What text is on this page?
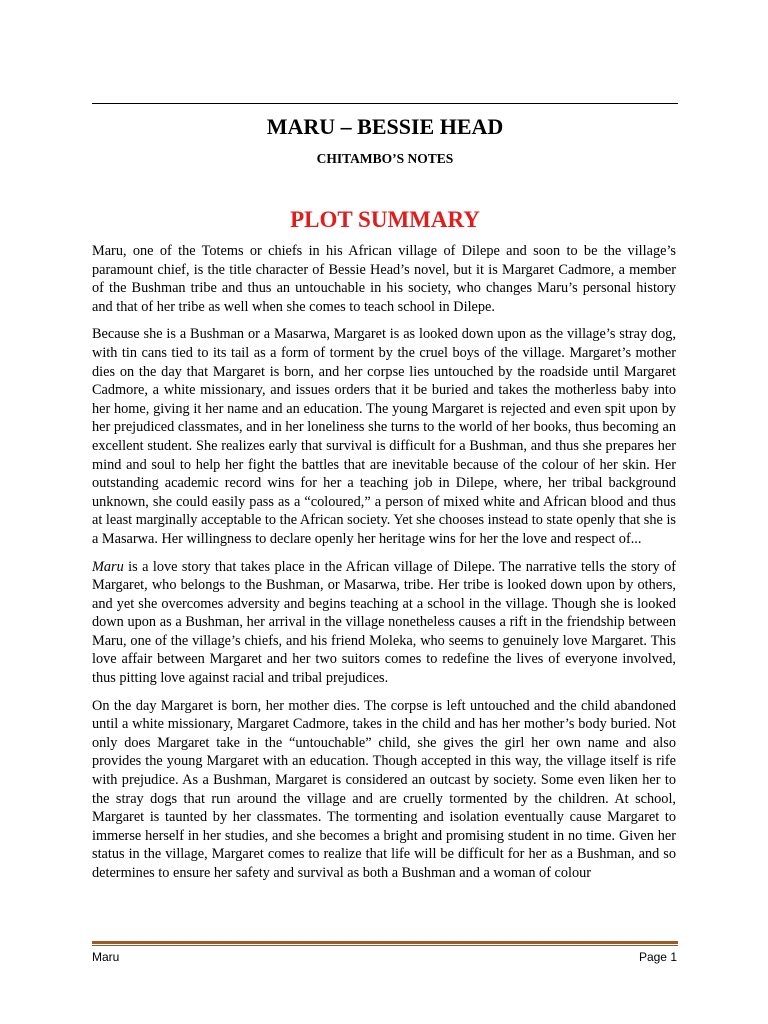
MARU – BESSIE HEAD
CHITAMBO’S NOTES
PLOT SUMMARY

Maru, one of the Totems or chiefs in his African village of Dilepe and soon to be the village’s paramount chief, is the title character of Bessie Head’s novel, but it is Margaret Cadmore, a member of the Bushman tribe and thus an untouchable in his society, who changes Maru’s personal history and that of her tribe as well when she comes to teach school in Dilepe.

Because she is a Bushman or a Masarwa, Margaret is as looked down upon as the village’s stray dog, with tin cans tied to its tail as a form of torment by the cruel boys of the village. Margaret’s mother dies on the day that Margaret is born, and her corpse lies untouched by the roadside until Margaret Cadmore, a white missionary, and issues orders that it be buried and takes the motherless baby into her home, giving it her name and an education. The young Margaret is rejected and even spit upon by her prejudiced classmates, and in her loneliness she turns to the world of her books, thus becoming an excellent student. She realizes early that survival is difficult for a Bushman, and thus she prepares her mind and soul to help her fight the battles that are inevitable because of the colour of her skin. Her outstanding academic record wins for her a teaching job in Dilepe, where, her tribal background unknown, she could easily pass as a “coloured,” a person of mixed white and African blood and thus at least marginally acceptable to the African society. Yet she chooses instead to state openly that she is a Masarwa. Her willingness to declare openly her heritage wins for her the love and respect of...

Maru is a love story that takes place in the African village of Dilepe. The narrative tells the story of Margaret, who belongs to the Bushman, or Masarwa, tribe. Her tribe is looked down upon by others, and yet she overcomes adversity and begins teaching at a school in the village. Though she is looked down upon as a Bushman, her arrival in the village nonetheless causes a rift in the friendship between Maru, one of the village’s chiefs, and his friend Moleka, who seems to genuinely love Margaret. This love affair between Margaret and her two suitors comes to redefine the lives of everyone involved, thus pitting love against racial and tribal prejudices.

On the day Margaret is born, her mother dies. The corpse is left untouched and the child abandoned until a white missionary, Margaret Cadmore, takes in the child and has her mother’s body buried. Not only does Margaret take in the “untouchable” child, she gives the girl her own name and also provides the young Margaret with an education. Though accepted in this way, the village itself is rife with prejudice. As a Bushman, Margaret is considered an outcast by society. Some even liken her to the stray dogs that run around the village and are cruelly tormented by the children. At school, Margaret is taunted by her classmates. The tormenting and isolation eventually cause Margaret to immerse herself in her studies, and she becomes a bright and promising student in no time. Given her status in the village, Margaret comes to realize that life will be difficult for her as a Bushman, and so determines to ensure her safety and survival as both a Bushman and a woman of colour

Maru	Page 1
